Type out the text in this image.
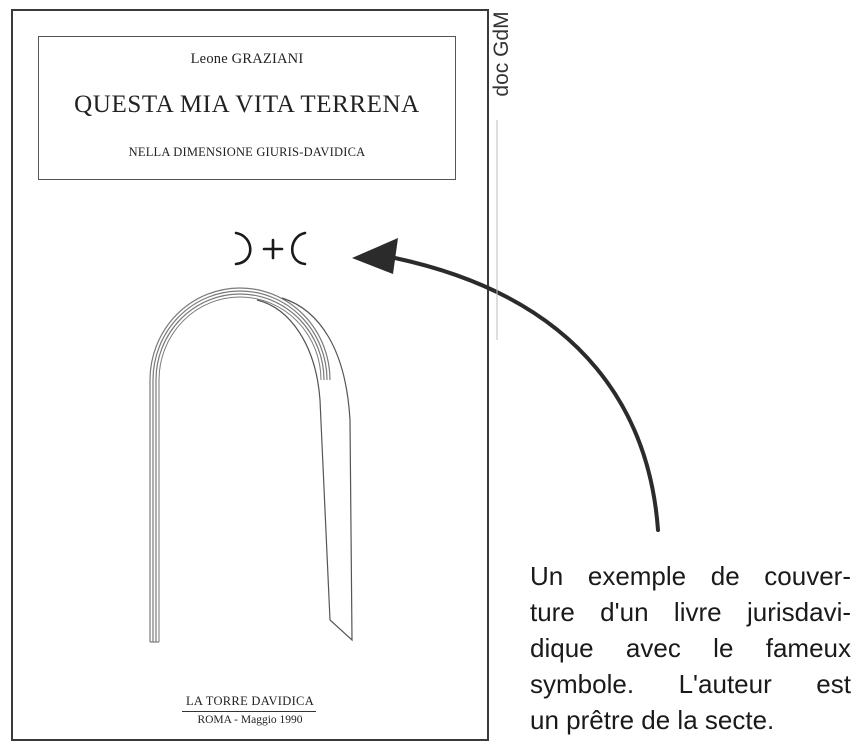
Leone GRAZIANI
QUESTA MIA VITA TERRENA
NELLA DIMENSIONE GIURIS-DAVIDICA
LA TORRE DAVIDICA
ROMA - Maggio 1990
doc GdM
Un exemple de couver-
ture d'un livre jurisdavi-
dique avec le fameux
symbole. L'auteur est
un prêtre de la secte.
